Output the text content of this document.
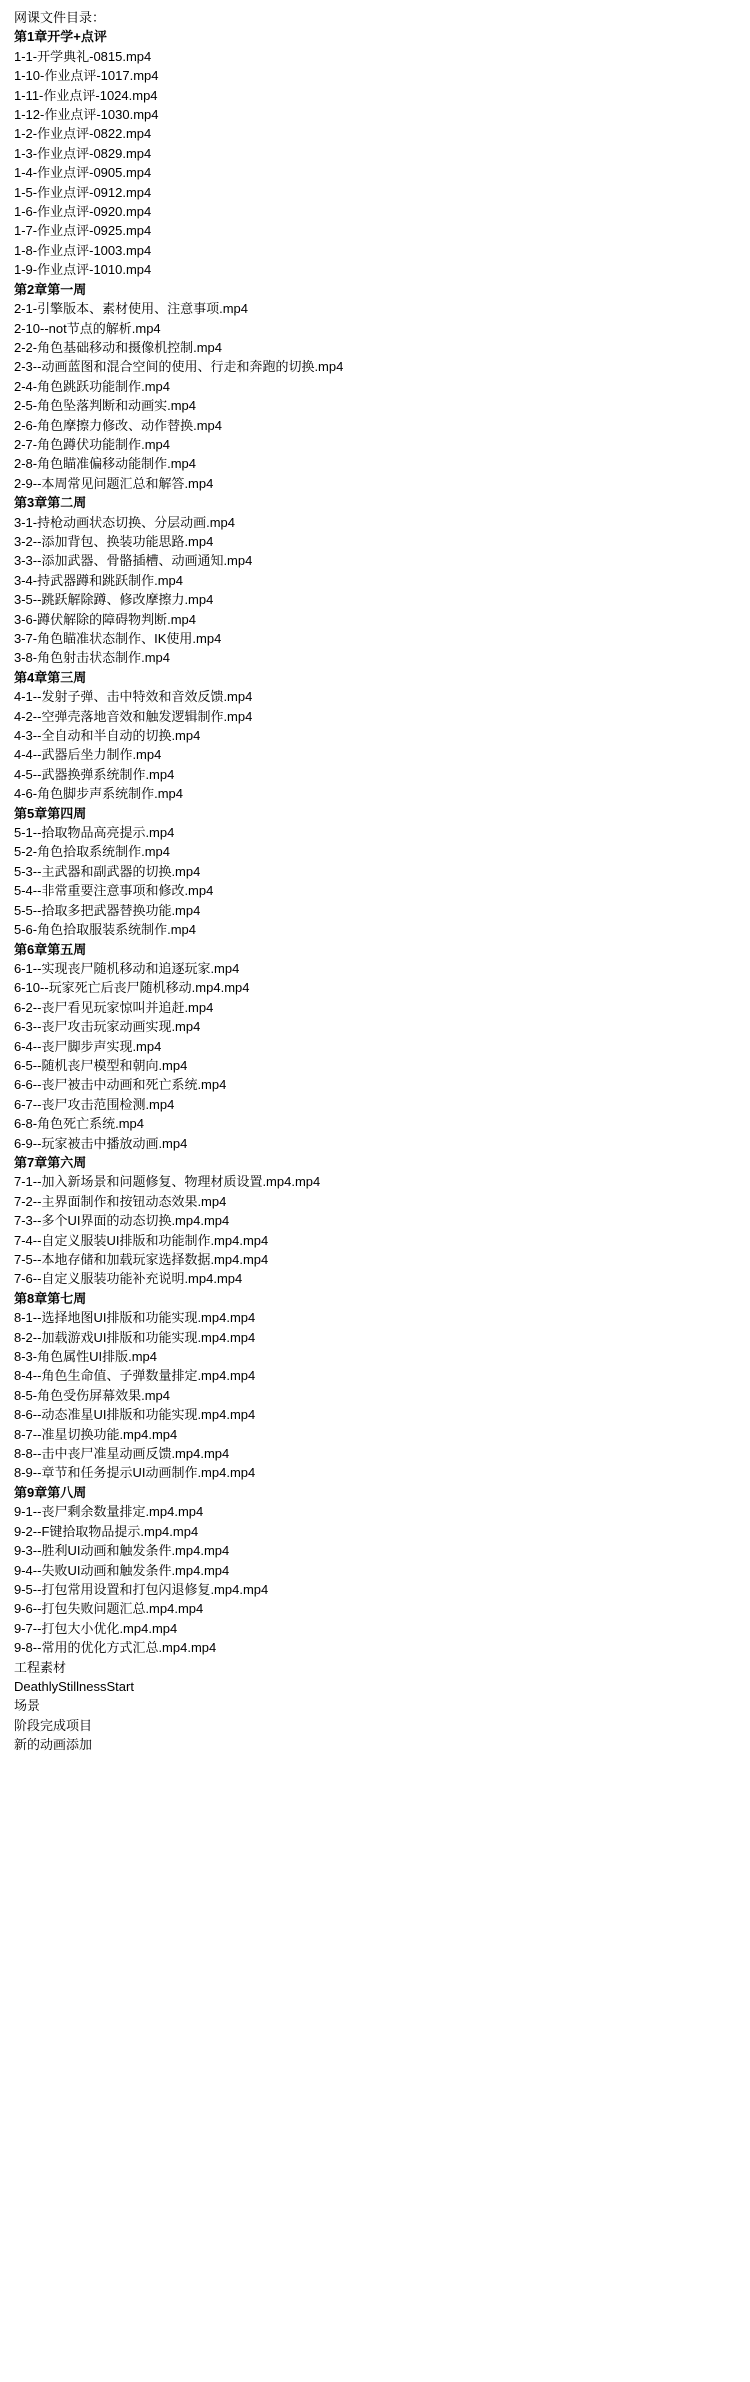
网课文件目录：
第1章开学+点评
1-1-开学典礼-0815.mp4
1-10-作业点评-1017.mp4
1-11-作业点评-1024.mp4
1-12-作业点评-1030.mp4
1-2-作业点评-0822.mp4
1-3-作业点评-0829.mp4
1-4-作业点评-0905.mp4
1-5-作业点评-0912.mp4
1-6-作业点评-0920.mp4
1-7-作业点评-0925.mp4
1-8-作业点评-1003.mp4
1-9-作业点评-1010.mp4
第2章第一周
2-1-引擎版本、素材使用、注意事项.mp4
2-10--not节点的解析.mp4
2-2-角色基础移动和摄像机控制.mp4
2-3--动画蓝图和混合空间的使用、行走和奔跑的切换.mp4
2-4-角色跳跃功能制作.mp4
2-5-角色坠落判断和动画实.mp4
2-6-角色摩擦力修改、动作替换.mp4
2-7-角色蹲伏功能制作.mp4
2-8-角色瞄准偏移动能制作.mp4
2-9--本周常见问题汇总和解答.mp4
第3章第二周
3-1-持枪动画状态切换、分层动画.mp4
3-2--添加背包、换装功能思路.mp4
3-3--添加武器、骨骼插槽、动画通知.mp4
3-4-持武器蹲和跳跃制作.mp4
3-5--跳跃解除蹲、修改摩擦力.mp4
3-6-蹲伏解除的障碍物判断.mp4
3-7-角色瞄准状态制作、IK使用.mp4
3-8-角色射击状态制作.mp4
第4章第三周
4-1--发射子弹、击中特效和音效反馈.mp4
4-2--空弹壳落地音效和触发逻辑制作.mp4
4-3--全自动和半自动的切换.mp4
4-4--武器后坐力制作.mp4
4-5--武器换弹系统制作.mp4
4-6-角色脚步声系统制作.mp4
第5章第四周
5-1--拾取物品高亮提示.mp4
5-2-角色拾取系统制作.mp4
5-3--主武器和副武器的切换.mp4
5-4--非常重要注意事项和修改.mp4
5-5--拾取多把武器替换功能.mp4
5-6-角色拾取服装系统制作.mp4
第6章第五周
6-1--实现丧尸随机移动和追逐玩家.mp4
6-10--玩家死亡后丧尸随机移动.mp4.mp4
6-2--丧尸看见玩家惊叫并追赶.mp4
6-3--丧尸攻击玩家动画实现.mp4
6-4--丧尸脚步声实现.mp4
6-5--随机丧尸模型和朝向.mp4
6-6--丧尸被击中动画和死亡系统.mp4
6-7--丧尸攻击范围检测.mp4
6-8-角色死亡系统.mp4
6-9--玩家被击中播放动画.mp4
第7章第六周
7-1--加入新场景和问题修复、物理材质设置.mp4.mp4
7-2--主界面制作和按钮动态效果.mp4
7-3--多个UI界面的动态切换.mp4.mp4
7-4--自定义服装UI排版和功能制作.mp4.mp4
7-5--本地存储和加载玩家选择数据.mp4.mp4
7-6--自定义服装功能补充说明.mp4.mp4
第8章第七周
8-1--选择地图UI排版和功能实现.mp4.mp4
8-2--加载游戏UI排版和功能实现.mp4.mp4
8-3-角色属性UI排版.mp4
8-4--角色生命值、子弹数量排定.mp4.mp4
8-5-角色受伤屏幕效果.mp4
8-6--动态准星UI排版和功能实现.mp4.mp4
8-7--准星切换功能.mp4.mp4
8-8--击中丧尸准星动画反馈.mp4.mp4
8-9--章节和任务提示UI动画制作.mp4.mp4
第9章第八周
9-1--丧尸剩余数量排定.mp4.mp4
9-2--F键拾取物品提示.mp4.mp4
9-3--胜利UI动画和触发条件.mp4.mp4
9-4--失败UI动画和触发条件.mp4.mp4
9-5--打包常用设置和打包闪退修复.mp4.mp4
9-6--打包失败问题汇总.mp4.mp4
9-7--打包大小优化.mp4.mp4
9-8--常用的优化方式汇总.mp4.mp4
工程素材
DeathlyStillnessStart
场景
阶段完成项目
新的动画添加
